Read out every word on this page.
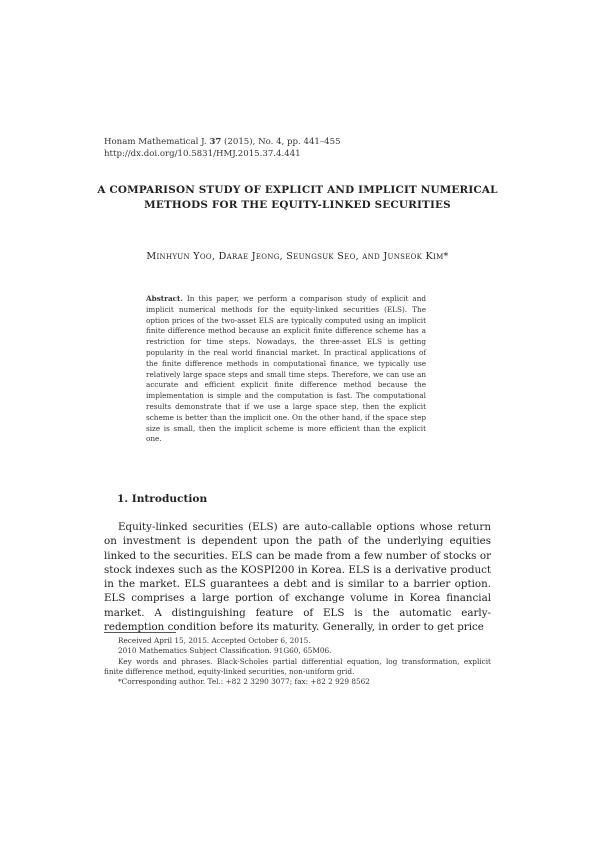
Honam Mathematical J. 37 (2015), No. 4, pp. 441–455
http://dx.doi.org/10.5831/HMJ.2015.37.4.441
A COMPARISON STUDY OF EXPLICIT AND IMPLICIT NUMERICAL METHODS FOR THE EQUITY-LINKED SECURITIES
Minhyun Yoo, Darae Jeong, Seungsuk Seo, and Junseok Kim*
Abstract. In this paper, we perform a comparison study of explicit and implicit numerical methods for the equity-linked securities (ELS). The option prices of the two-asset ELS are typically computed using an implicit finite difference method because an explicit finite difference scheme has a restriction for time steps. Nowadays, the three-asset ELS is getting popularity in the real world financial market. In practical applications of the finite difference methods in computational finance, we typically use relatively large space steps and small time steps. Therefore, we can use an accurate and efficient explicit finite difference method because the implementation is simple and the computation is fast. The computational results demonstrate that if we use a large space step, then the explicit scheme is better than the implicit one. On the other hand, if the space step size is small, then the implicit scheme is more efficient than the explicit one.
1. Introduction
Equity-linked securities (ELS) are auto-callable options whose return on investment is dependent upon the path of the underlying equities linked to the securities. ELS can be made from a few number of stocks or stock indexes such as the KOSPI200 in Korea. ELS is a derivative product in the market. ELS guarantees a debt and is similar to a barrier option. ELS comprises a large portion of exchange volume in Korea financial market. A distinguishing feature of ELS is the automatic early-redemption condition before its maturity. Generally, in order to get price

Received April 15, 2015. Accepted October 6, 2015.

2010 Mathematics Subject Classification. 91G60, 65M06.

Key words and phrases. Black-Scholes partial differential equation, log transformation, explicit finite difference method, equity-linked securities, non-uniform grid.

*Corresponding author. Tel.: +82 2 3290 3077; fax: +82 2 929 8562
